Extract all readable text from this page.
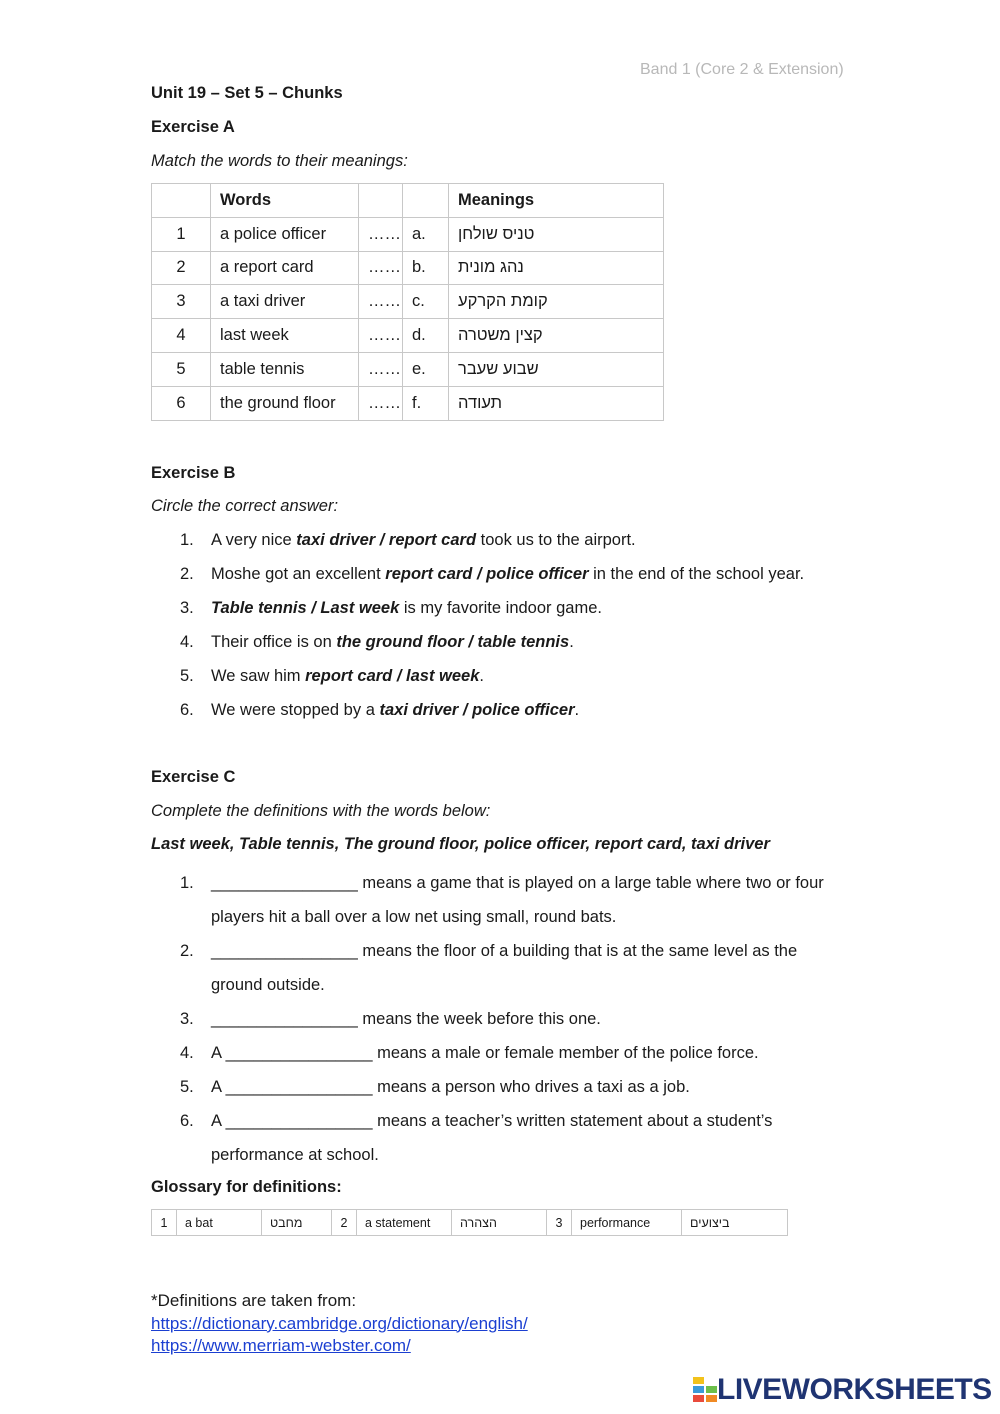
Band 1 (Core 2 & Extension)
Unit 19 – Set 5 – Chunks
Exercise A
Match the words to their meanings:
	Words			Meanings
1	a police officer	……	a.	טניס שולחן
2	a report card	……	b.	נהג מונית
3	a taxi driver	……	c.	קומת הקרקע
4	last week	……	d.	קצין משטרה
5	table tennis	……	e.	שבוע שעבר
6	the ground floor	……	f.	תעודה
Exercise B
Circle the correct answer:
1. A very nice taxi driver / report card took us to the airport.
2. Moshe got an excellent report card / police officer in the end of the school year.
3. Table tennis / Last week is my favorite indoor game.
4. Their office is on the ground floor / table tennis.
5. We saw him report card / last week.
6. We were stopped by a taxi driver / police officer.
Exercise C
Complete the definitions with the words below:
Last week, Table tennis, The ground floor, police officer, report card, taxi driver
1. ________________ means a game that is played on a large table where two or four players hit a ball over a low net using small, round bats.
2. ________________ means the floor of a building that is at the same level as the ground outside.
3. ________________ means the week before this one.
4. A ________________ means a male or female member of the police force.
5. A ________________ means a person who drives a taxi as a job.
6. A ________________ means a teacher’s written statement about a student’s performance at school.
Glossary for definitions:
1	a bat	מחבט	2	a statement	הצהרה	3	performance	ביצועים
*Definitions are taken from:
https://dictionary.cambridge.org/dictionary/english/
https://www.merriam-webster.com/
LIVEWORKSHEETS
